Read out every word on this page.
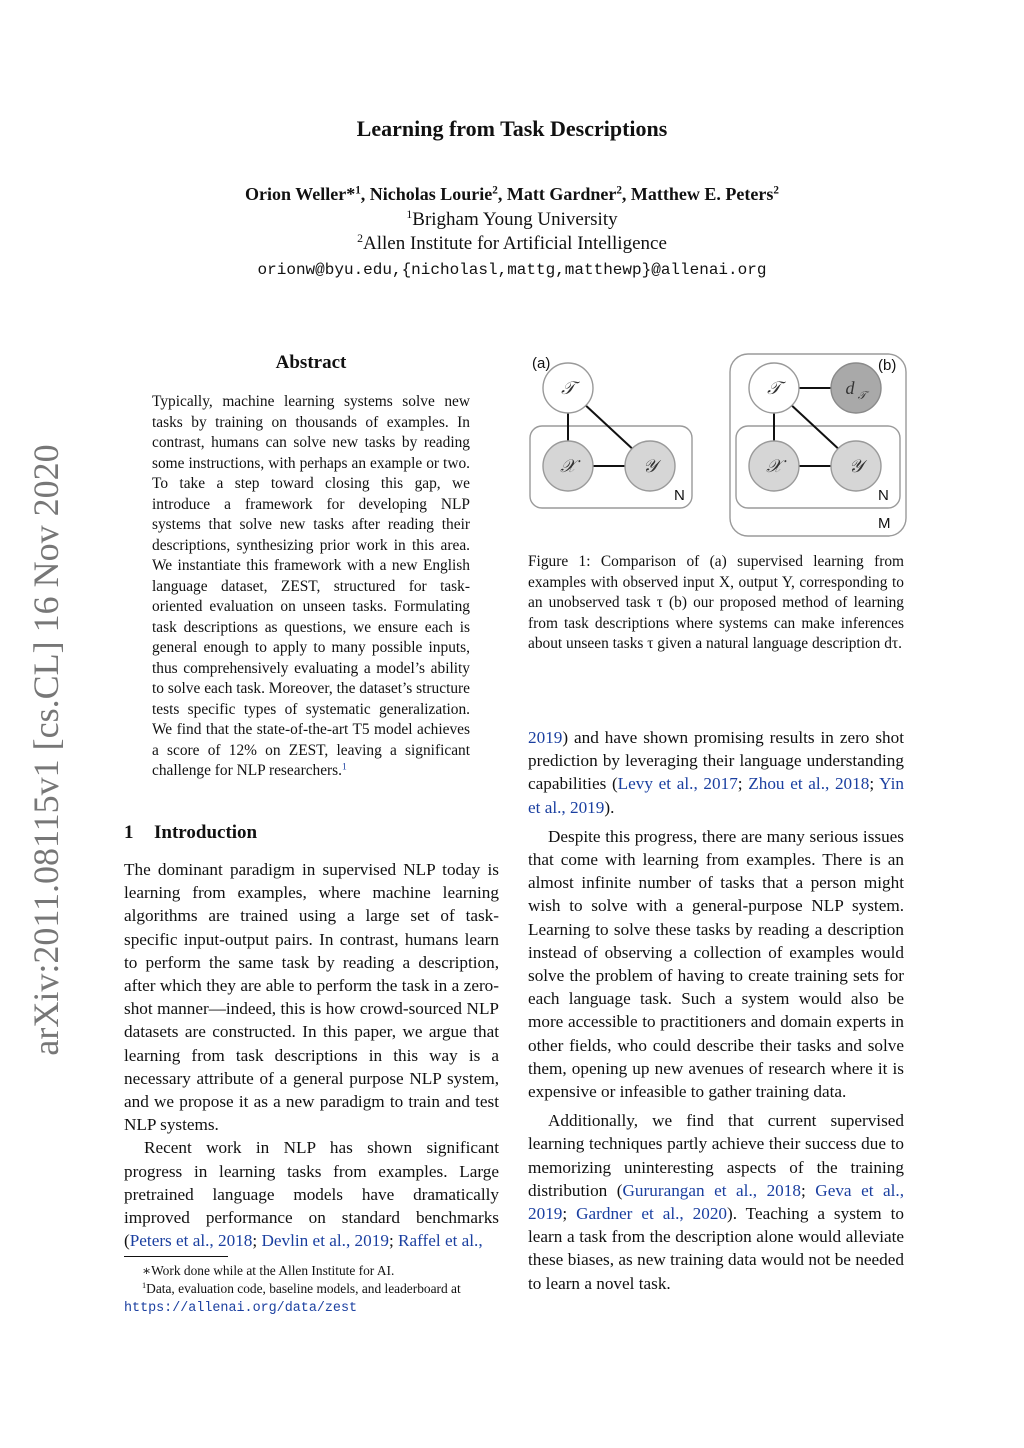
Learning from Task Descriptions
Orion Weller*$^1$, Nicholas Lourie$^2$, Matt Gardner$^2$, Matthew E. Peters$^2$
$^1$Brigham Young University
$^2$Allen Institute for Artificial Intelligence
orionw@byu.edu,{nicholasl,mattg,matthewp}@allenai.org
arXiv:2011.08115v1 [cs.CL] 16 Nov 2020
Abstract
Typically, machine learning systems solve new tasks by training on thousands of examples. In contrast, humans can solve new tasks by reading some instructions, with perhaps an example or two. To take a step toward closing this gap, we introduce a framework for developing NLP systems that solve new tasks after reading their descriptions, synthesizing prior work in this area. We instantiate this framework with a new English language dataset, ZEST, structured for task-oriented evaluation on unseen tasks. Formulating task descriptions as questions, we ensure each is general enough to apply to many possible inputs, thus comprehensively evaluating a model’s ability to solve each task. Moreover, the dataset’s structure tests specific types of systematic generalization. We find that the state-of-the-art T5 model achieves a score of 12% on ZEST, leaving a significant challenge for NLP researchers.$^1$
1 Introduction

The dominant paradigm in supervised NLP today is learning from examples, where machine learning algorithms are trained using a large set of task-specific input-output pairs. In contrast, humans learn to perform the same task by reading a description, after which they are able to perform the task in a zero-shot manner—indeed, this is how crowd-sourced NLP datasets are constructed. In this paper, we argue that learning from task descriptions in this way is a necessary attribute of a general purpose NLP system, and we propose it as a new paradigm to train and test NLP systems.

Recent work in NLP has shown significant progress in learning tasks from examples. Large pretrained language models have dramatically improved performance on standard benchmarks (Peters et al., 2018; Devlin et al., 2019; Raffel et al.,

∗Work done while at the Allen Institute for AI.
$^1$Data, evaluation code, baseline models, and leaderboard at https://allenai.org/data/zest
(a)
𝒯
𝒳	𝒴
N
(b)
𝒯	d 𝒯
𝒳	𝒴
N
M
Figure 1: Comparison of (a) supervised learning from examples with observed input X, output Y, corresponding to an unobserved task τ (b) our proposed method of learning from task descriptions where systems can make inferences about unseen tasks τ given a natural language description dτ.

2019) and have shown promising results in zero shot prediction by leveraging their language understanding capabilities (Levy et al., 2017; Zhou et al., 2018; Yin et al., 2019).

Despite this progress, there are many serious issues that come with learning from examples. There is an almost infinite number of tasks that a person might wish to solve with a general-purpose NLP system. Learning to solve these tasks by reading a description instead of observing a collection of examples would solve the problem of having to create training sets for each language task. Such a system would also be more accessible to practitioners and domain experts in other fields, who could describe their tasks and solve them, opening up new avenues of research where it is expensive or infeasible to gather training data.

Additionally, we find that current supervised learning techniques partly achieve their success due to memorizing uninteresting aspects of the training distribution (Gururangan et al., 2018; Geva et al., 2019; Gardner et al., 2020). Teaching a system to learn a task from the description alone would alleviate these biases, as new training data would not be needed to learn a novel task.
